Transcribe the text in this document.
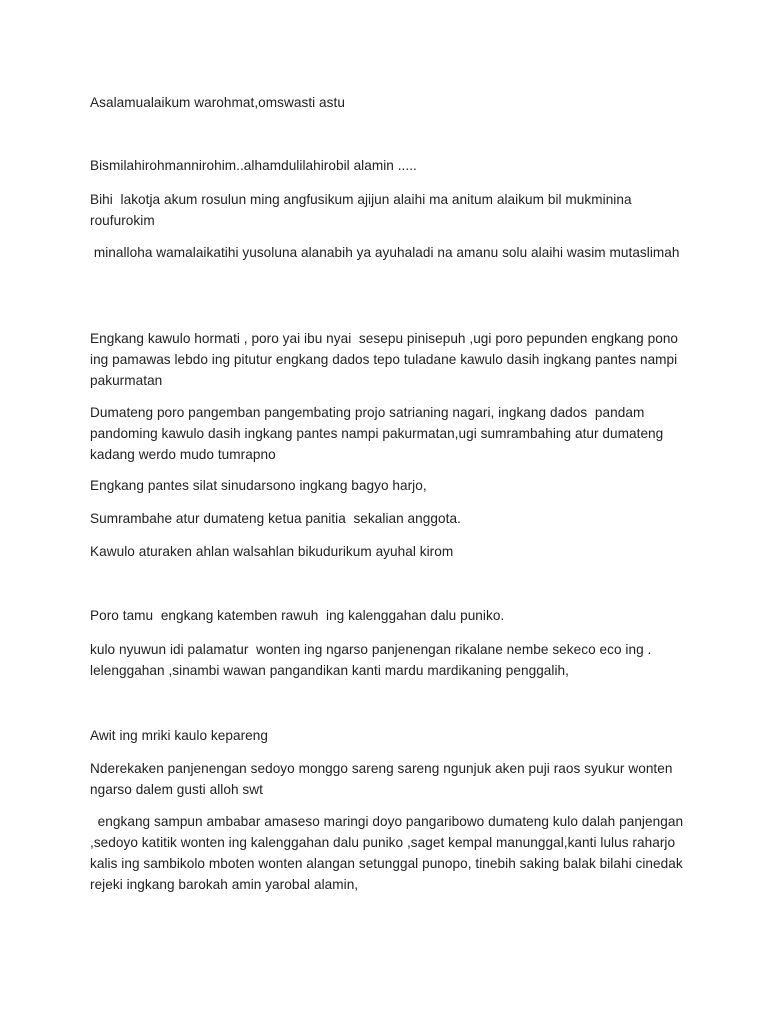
Asalamualaikum warohmat,omswasti astu

Bismilahirohmannirohim..alhamdulilahirobil alamin .....

Bihi  lakotja akum rosulun ming angfusikum ajijun alaihi ma anitum alaikum bil mukminina roufurokim

minalloha wamalaikatihi yusoluna alanabih ya ayuhaladi na amanu solu alaihi wasim mutaslimah

Engkang kawulo hormati , poro yai ibu nyai  sesepu pinisepuh ,ugi poro pepunden engkang pono ing pamawas lebdo ing pitutur engkang dados tepo tuladane kawulo dasih ingkang pantes nampi pakurmatan

Dumateng poro pangemban pangembating projo satrianing nagari, ingkang dados  pandam pandoming kawulo dasih ingkang pantes nampi pakurmatan,ugi sumrambahing atur dumateng kadang werdo mudo tumrapno

Engkang pantes silat sinudarsono ingkang bagyo harjo,

Sumrambahe atur dumateng ketua panitia  sekalian anggota.

Kawulo aturaken ahlan walsahlan bikudurikum ayuhal kirom

Poro tamu  engkang katemben rawuh  ing kalenggahan dalu puniko.

kulo nyuwun idi palamatur  wonten ing ngarso panjenengan rikalane nembe sekeco eco ing . lelenggahan ,sinambi wawan pangandikan kanti mardu mardikaning penggalih,

Awit ing mriki kaulo kepareng

Nderekaken panjenengan sedoyo monggo sareng sareng ngunjuk aken puji raos syukur wonten ngarso dalem gusti alloh swt

engkang sampun ambabar amaseso maringi doyo pangaribowo dumateng kulo dalah panjengan  ,sedoyo katitik wonten ing kalenggahan dalu puniko ,saget kempal manunggal,kanti lulus raharjo kalis ing sambikolo mboten wonten alangan setunggal punopo, tinebih saking balak bilahi cinedak rejeki ingkang barokah amin yarobal alamin,
